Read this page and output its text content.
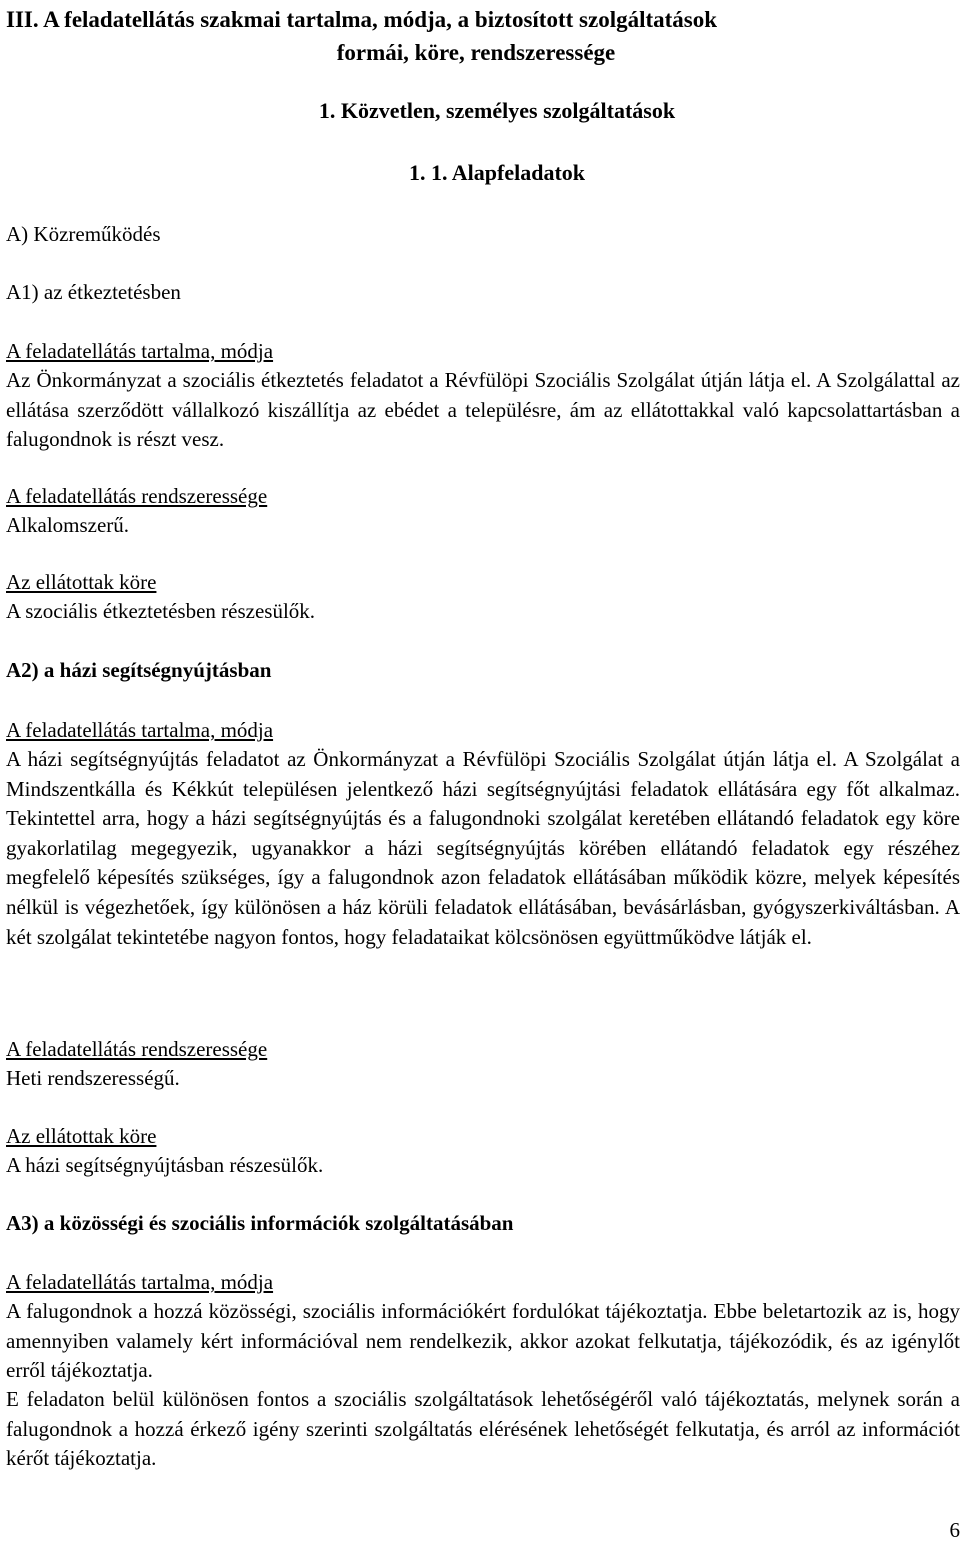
III. A feladatellátás szakmai tartalma, módja, a biztosított szolgáltatások
formái, köre, rendszeressége
1. Közvetlen, személyes szolgáltatások
1. 1. Alapfeladatok
A) Közreműködés
A1) az étkeztetésben
A feladatellátás tartalma, módja
Az Önkormányzat a szociális étkeztetés feladatot a Révfülöpi Szociális Szolgálat útján látja el. A Szolgálattal az ellátása szerződött vállalkozó kiszállítja az ebédet a településre, ám az ellátottakkal való kapcsolattartásban a falugondnok is részt vesz.
A feladatellátás rendszeressége
Alkalomszerű.
Az ellátottak köre
A szociális étkeztetésben részesülők.
A2) a házi segítségnyújtásban
A feladatellátás tartalma, módja
A házi segítségnyújtás feladatot az Önkormányzat a Révfülöpi Szociális Szolgálat útján látja el. A Szolgálat a Mindszentkálla és Kékkút településen jelentkező házi segítségnyújtási feladatok ellátására egy főt alkalmaz. Tekintettel arra, hogy a házi segítségnyújtás és a falugondnoki szolgálat keretében ellátandó feladatok egy köre gyakorlatilag megegyezik, ugyanakkor a házi segítségnyújtás körében ellátandó feladatok egy részéhez megfelelő képesítés szükséges, így a falugondnok azon feladatok ellátásában működik közre, melyek képesítés nélkül is végezhetőek, így különösen a ház körüli feladatok ellátásában, bevásárlásban, gyógyszerkiváltásban. A két szolgálat tekintetébe nagyon fontos, hogy feladataikat kölcsönösen együttműködve látják el.
A feladatellátás rendszeressége
Heti rendszerességű.
Az ellátottak köre
A házi segítségnyújtásban részesülők.
A3) a közösségi és szociális információk szolgáltatásában
A feladatellátás tartalma, módja
A falugondnok a hozzá közösségi, szociális információkért fordulókat tájékoztatja. Ebbe beletartozik az is, hogy amennyiben valamely kért információval nem rendelkezik, akkor azokat felkutatja, tájékozódik, és az igénylőt erről tájékoztatja.
E feladaton belül különösen fontos a szociális szolgáltatások lehetőségéről való tájékoztatás, melynek során a falugondnok a hozzá érkező igény szerinti szolgáltatás elérésének lehetőségét felkutatja, és arról az információt kérőt tájékoztatja.
6
